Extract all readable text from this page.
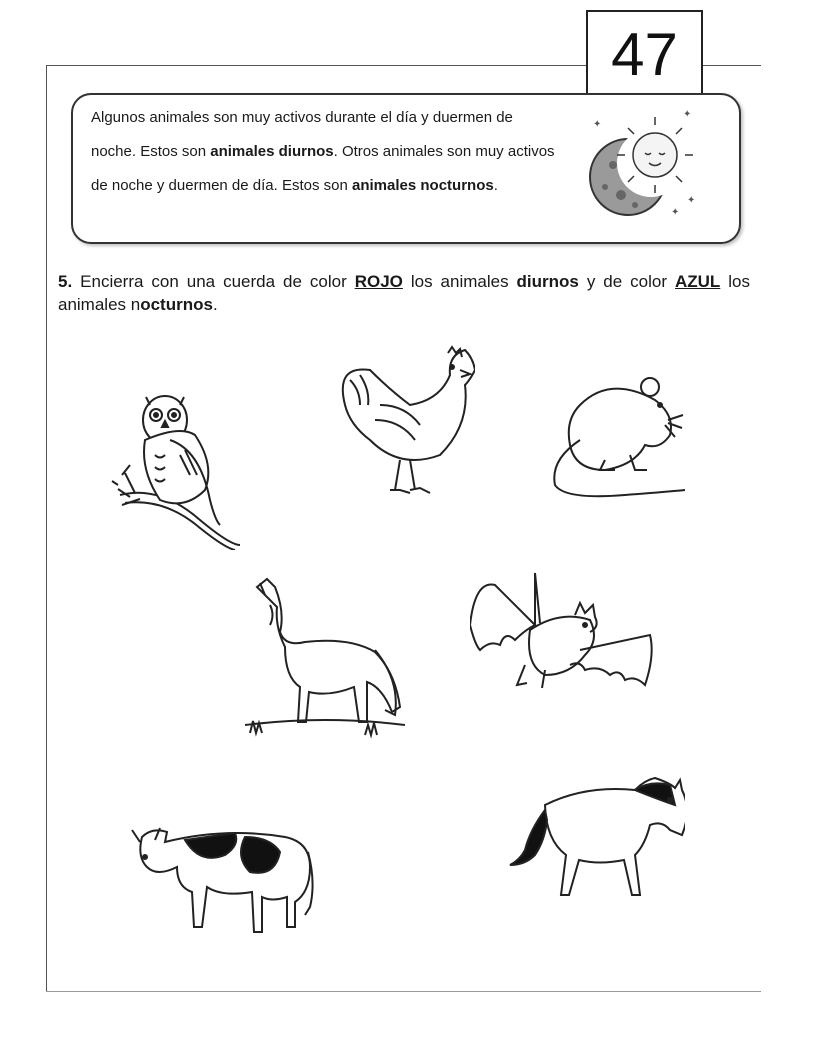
47

Algunos animales son muy activos durante el día y duermen de noche. Estos son animales diurnos. Otros animales son muy activos de noche y duermen de día. Estos son animales nocturnos.

✦
✦
✦
✦

5. Encierra con una cuerda de color ROJO los animales diurnos y de color AZUL los animales nocturnos.
